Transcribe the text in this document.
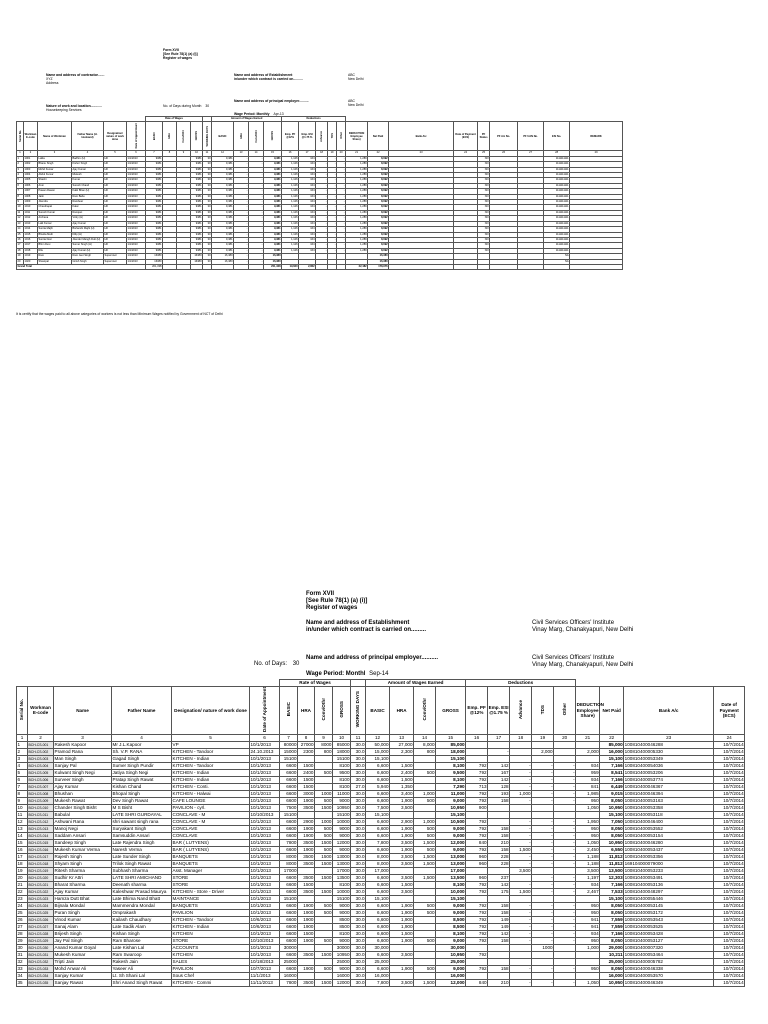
Form XVII
[See Rule 78(1) (a) (i)]
Register of wages
Name and address of contractor.......
XYZ
Address
Name and address of Establishment
in/under which contract is carried on..........
ABC
New Delhi
Name and address of principal employer..........	ABC
New Delhi
Nature of work and location............
Housekeeping Services
No. of Days during Month 30
Wage Period: Monthly Apr-13
						Rate of Wages					Amount of Wages Earned				Deductions													
Serial No.	Workman E-code	Name of Workman	Father Name (H-Husband)	Designation/ nature of work done	Date of Appointment	BASIC	HRA	Conv/Othr	GROSS	WORKING DAYS	BASIC	HRA	Conv/Othr	GROSS	Emp. PF @12%	Emp. ESI @1.75 %	Advance	TDS	Other	DEDUCTION Employee Share)	Net Paid	Bank A/c	Date of Payment (ECS)	PF Status	PF A/c No.	PF UAN No.	ESI No.	REMARK
1	2	3	4	5	6	7	8	9	10	11	12	13	14	15	16	17	18	19	20	21	22	23	24	25	26	27	28	29
1	1001	Lalita	Badhru (H)	HK	1/1/2013	9381			9381	30	9,381	-	-	9,381	1,126	164	-	-	-	1,289	8,092			NO			1111111111	
2	1002	Bhanu Singh	Kishor Singh	HK	1/1/2013	9381			9381	30	9,381	-	-	9,381	1,126	164	-	-	-	1,289	8,092			NO			1111111111	
3	1003	Mohd Kumar	Ajay Kumar	HK	1/1/2013	9381			9381	30	9,381	-	-	9,381	1,126	164	-	-	-	1,289	8,092			NO			1111111111	
4	1004	Abdul Kumar	Mukesh	HK	1/1/2013	9381			9381	30	9,381	-	-	9,381	1,126	164	-	-	-	1,289	8,092			NO			1111111111	
5	1005	Shashi	Kumar	HK	1/1/2013	9381			9381	30	9,381	-	-	9,381	1,126	164	-	-	-	1,289	8,092			NO			1111111111	
6	1006	Arun	Suresh Chand	HK	1/1/2013	9381			9381	30	9,381	-	-	9,381	1,126	164	-	-	-	1,289	8,092			NO			1111111111	
7	1007	Pawan Rawat	Kalki Bhan (H)	HK	1/1/2013	9381			9381	30	9,381	-	-	9,381	1,126	164	-	-	-	1,289	8,092			NO			1111111111	
8	1008	Jatin	Ram Babu	HK	1/1/2013	9381			9381	30	9,381	-	-	9,381	1,126	164	-	-	-	1,289	8,092			NO			1111111111	
9	1009	Jitendra	Rambeer	HK	1/1/2013	9381			9381	30	9,381	-	-	9,381	1,126	164	-	-	-	1,289	8,092			NO			1111111111	
10	1010	Chandrapal	Kalal	HK	1/1/2013	9381			9381	30	9,381	-	-	9,381	1,126	164	-	-	-	1,289	8,092			NO			1111111111	
11	1011	Suresh Kumar	Ramjeet	HK	1/1/2013	9381			9381	30	9,381	-	-	9,381	1,126	164	-	-	-	1,289	8,092			NO			1111111111	
12	1012	Archana	Vicky (H)	HK	1/1/2013	9381			9381	30	9,381	-	-	9,381	1,126	164	-	-	-	1,289	8,092			NO			1111111111	
13	1013	Lalit Kumar	Ajay Kumar	HK	1/1/2013	9381			9381	30	9,381	-	-	9,381	1,126	164	-	-	-	1,289	8,092			NO			1111111111	
14	1014	Sunita Majhi	Bishambi Majhi (H)	HK	1/1/2013	9381			9381	30	9,381	-	-	9,381	1,126	164	-	-	-	1,289	8,092			NO			1111111111	
15	1015	Bhukla Modi	Dilip (H)	HK	1/1/2013	9381			9381	30	9,381	-	-	9,381	1,126	164	-	-	-	1,289	8,092			NO			1111111111	
16	1016	Sunita Devi	Jitender Mangh Dutt (H)	HK	1/1/2013	9381			9381	30	9,381	-	-	9,381	1,126	164	-	-	-	1,289	8,092			NO			1111111111	
17	1017	Bhim Devi	Sumer Singh (H)	HK	1/1/2013	9381			9381	30	9,381	-	-	9,381	1,126	164	-	-	-	1,289	8,092			NO			1111111111	
18	1018	Ritu	Ajay Kumar (H)	HK	1/1/2013	9381			9381	30	9,381	-	-	9,381	1,126	164	-	-	-	1,289	8,092			NO			1111111111	
19	1019	Ram	Ram Jeet Singh	Supervisor	1/1/2013	16380			16380	30	16,380	-	-	16,380							16,380						NA	
20	1020	Sheetpal	Girish Singh	Supervisor	1/1/2013	16380			16380	30	16,380	-	-	16,380							16,380						NA	
Grand Total						201,338								201,338	19,620	2,862				22,482	178,976							
It is certify that the wages paid to all above categories of workers is not less than Minimum Wages notified by Government of NCT of Delhi
Form XVII
[See Rule 78(1) (a) (i)]
Register of wages
Name and address of Establishment
in/under which contract is carried on.........
Civil Services Officers' Institute
Vinay Marg, Chanakyapuri, New Delhi
No. of Days: 30
Name and address of principal employer..........	Civil Services Officers' Institute
Vinay Marg, Chanakyapuri, New Delhi
Wage Period: Monthl Sep-14
						Rate of Wages					Amount of Wages Earned				Deductions								
Serial No.	Workman E-code	Name	Father Name	Designation/ nature of work done	Date of Appointment	BASIC	HRA	Conv/Othr	GROSS	WORKING DAYS	BASIC	HRA	Conv/Othr	GROSS	Emp. PF @12%	Emp. ESI @1.75 %	Advance	TDS	Other	DEDUCTION Employee Share)	Net Paid	Bank A/c	Date of Payment (ECS)
1	2	3	4	5	6	7	8	9	10	11	12	13	14	15	16	17	18	19	20	21	22	23	24
1	BCH-CS-001	Rakesh Kapoor	Mr J.L.Kapoor	VP	10/1/2013	80000	27000	8000	85000	30.0	50,000	27,000	8,000	85,000							85,000	100810400046288	10/7/2014
2	BCH-CS-002	Pramod Rana	Sh. V.P. RANA	KITCHEN - Tandoor	24.10.2013	15000	2300	800	18000	30.0	15,000	2,300	800	18,000		-		2,000		2,000	16,000	100810400005330	10/7/2014
3	BCH-CS-003	Man Singh	Gagad Singh	KITCHEN - Indian	10/1/2013	15100			15100	30.0	15,100			15,100							15,100	100810400053349	10/7/2014
4	BCH-CS-004	Sanjay Pal	Sumer Singh Pundir	KITCHEN - Tandoor	10/1/2013	6600	1500		8100	30.0	6,600	1,500		8,100	792	142	-	-	-	934	7,166	100810400054036	10/7/2014
5	BCH-CS-005	Kulwant Singh Negi	Jatiya Singh Negi	KITCHEN - Indian	10/1/2013	6600	2400	500	9500	30.0	6,600	2,400	500	9,500	792	167	-	-	-	959	8,541	100810400053206	10/7/2014
6	BCH-CS-006	Surveer Singh	Pratap Singh Rawat	KITCHEN - Indian	10/1/2013	6600	1500		8100	30.0	6,600	1,500		8,100	792	142	-	-	-	934	7,166	100810400053774	10/7/2014
7	BCH-CS-007	Ajay Kumar	Kishan Chand	KITCHEN - Conti.	10/1/2013	6600	1500		8100	27.0	5,940	1,350		7,290	713	128	-	-	-	841	6,449	100810400046367	10/7/2014
8	BCH-CS-008	Bhushan	Bhopal Singh	KITCHEN - Halwai	10/1/2013	6600	3000	1000	11000	30.0	6,600	3,400	1,000	11,000	792	193	1,000	-	-	1,985	9,015	100810400046394	10/7/2014
9	BCH-CS-009	Mukesh Rawat	Dev Singh Rawat	CAFE LOUNGE	10/1/2013	6600	1900	500	9000	30.0	6,600	1,900	500	9,000	792	158	-	-	-	950	8,050	100810400053163	10/7/2014
10	BCH-CS-010	Chander Singh Bisht	M S Bisht	PAVILION - cyrl.	10/1/2013	7500	3500	1500	10950	30.0	7,500	3,500		10,950	900					1,050	10,950	100810400053358	10/7/2014
11	BCH-CS-011	Babulal	LATE SHRI GURDAYAL	CONCLAVE - M	10/10/2013	15100			15100	30.0	15,100			15,100							15,100	100810400053118	10/7/2014
12	BCH-CS-012	Ashwani Rana	shri sawant singh rana	CONCLAVE - M	10/1/2013	6600	2900	1000	10000	30.0	6,600	2,900	1,000	10,500	792		-	-	-	1,950	7,050	100810400046400	10/7/2014
13	BCH-CS-013	Manoj Negi	Suryakant Singh	CONCLAVE	10/1/2013	6600	1900	500	9000	30.0	6,600	1,900	500	9,000	792	158	-	-	-	950	8,050	100810400053552	10/7/2014
14	BCH-CS-014	Saddam Ansari	Samsuddin Ansari	CONCLAVE	10/1/2013	6600	1900	500	9000	30.0	6,600	1,900	500	9,000	792	158	-	-	-	950	8,050	100810400053154	10/7/2014
15	BCH-CS-015	Sandeep Singh	Late Rajendra Singh	BAR ( LUTYENS)	10/1/2013	7800	3500	1500	12000	30.0	7,800	3,500	1,500	12,000	840	210	-	-	-	1,050	10,950	100810400046280	10/7/2014
16	BCH-CS-016	Mukesh Kumar Verma	Naresh Verma	BAR ( LUTYENS)	10/1/2013	6600	1900	500	9000	30.0	6,600	1,900	500	9,000	792	158	1,500	-	-	2,450	6,550	100810400053437	10/7/2014
17	BCH-CS-017	Rajesh Singh	Late Sunder Singh	BANQUETS	10/1/2013	8000	3500	1500	13000	30.0	8,000	3,500	1,500	13,000	960	228	-	-	-	1,188	11,812	100810400053356	10/7/2014
18	BCH-CS-018	Shyam Singh	Trilok Singh Rawat	BANQUETS	10/1/2013	8000	3500	1500	13000	30.0	8,000	3,500	1,500	13,000	960	228	-	-	-	1,188	11,812	169104000079000	10/7/2014
19	BCH-CS-019	Ritesh Sharma	Subhash Sharma	Asst. Manager	10/1/2013	17000			17000	30.0	17,000			17,000			3,500			3,500	13,500	100810400053233	10/7/2014
20	BCH-CS-020	Sudhir Kr Attri	LATE SHRI AMICHAND	STORE	10/1/2013	6600	3500	1500	13500	30.0	6,600	3,500	1,500	13,500	960	237		-	-	1,197	12,303	100810400053491	10/7/2014
21	BCH-CS-021	Bharat Sharma	Deenath sharma	STORE	10/1/2013	6600	1500		8100	30.0	6,600	1,500		8,100	792	142	-	-	-	934	7,166	100810400053136	10/7/2014
22	BCH-CS-022	Ajay Kumar	Kaleshwar Prasad Maurya	KITCHEN - Store - Driver	10/1/2013	6600	3500	1500	10000	30.0	6,600	3,500		10,000	792	175	1,500	-	-	2,467	7,533	100810400048297	10/7/2014
23	BCH-CS-023	Hamza Dutt Bhat	Late Bhima Nand Bhatt	MAINTANCE	10/1/2013	15100			15100	30.0	15,100			15,100							15,100	100810400055446	10/7/2014
24	BCH-CS-024	Bijnala Mondal	Mammendra Mondal	BANQUETS	10/1/2013	6600	1900	500	9000	30.0	6,600	1,900	500	9,000	792	158	-	-	-	950	8,050	100810400053145	10/7/2014
25	BCH-CS-025	Puran Singh	Omprakash	PAVILION	10/1/2013	6600	1900	500	9000	30.0	6,600	1,900	500	9,000	792	158	-	-	-	950	8,050	100810400053172	10/7/2014
26	BCH-CS-026	Vinod Kumar	Kailash Chaudhary	KITCHEN - Tandoor	10/6/2013	6600	1900		8500	30.0	6,600	1,900		8,500	792	149	-	-	-	941	7,559	100810400053543	10/7/2014
27	BCH-CS-027	Sanaj Alam	Late Sadik Alam	KITCHEN - Indian	10/6/2013	6600	1900		8500	30.0	6,600	1,900		8,500	792	149	-	-	-	941	7,559	100810400053525	10/7/2014
28	BCH-CS-028	Brijesh Singh	Kishan Singh	KITCHEN	10/1/2013	6600	1500		8100	30.0	6,600	1,500		8,100	792	142	-	-	-	934	7,166	100810400053428	10/7/2014
29	BCH-CS-029	Jay Pal Singh	Ram Bharose	STORE	10/10/2013	6600	1900	500	9000	30.0	6,600	1,900	500	9,000	792	158	-	-	-	950	8,050	100810400053127	10/7/2014
30	BCH-CS-030	Anand Kumar Goyal	Late Kishan Lal	ACCOUNTS	10/1/2013	30000			30000	30.0	30,000			30,000				1000		1,000	29,000	100810400007320	10/7/2014
31	BCH-CS-031	Mukesh Kumar	Ram Swaroop	KITCHEN	10/1/2013	6600	3500	1500	10950	30.0	6,600	3,500		10,950	792						10,211	100810400053464	10/7/2014
32	BCH-CS-032	Tripti Jain	Rakesh Jain	SALES	10/18/2013	25000			25000	30.0	25,000			25,000							25,000	100810400005782	10/7/2014
33	BCH-CS-033	Mohd Anwar Ali	Yaseer Ali	PAVILION	10/7/2013	6600	1900	500	9000	30.0	6,600	1,900	500	9,000	792	158	-	-	-	950	8,050	100810400046338	10/7/2014
34	BCH-CS-034	Sanjay Kumar	Lt. Sh Shani Lal	Sous Chef	11/1/2013	16000			16000	30.0	16,000			16,000							16,000	100810400053570	10/7/2014
35	BCH-CS-035	Sanjay Rawat	Shri Anand Singh Rawat	KITCHEN - Commi	11/11/2013	7800	3500	1500	12000	30.0	7,800	3,500	1,500	12,000	840	210	-	-	-	1,050	10,950	100810400046349	10/7/2014
